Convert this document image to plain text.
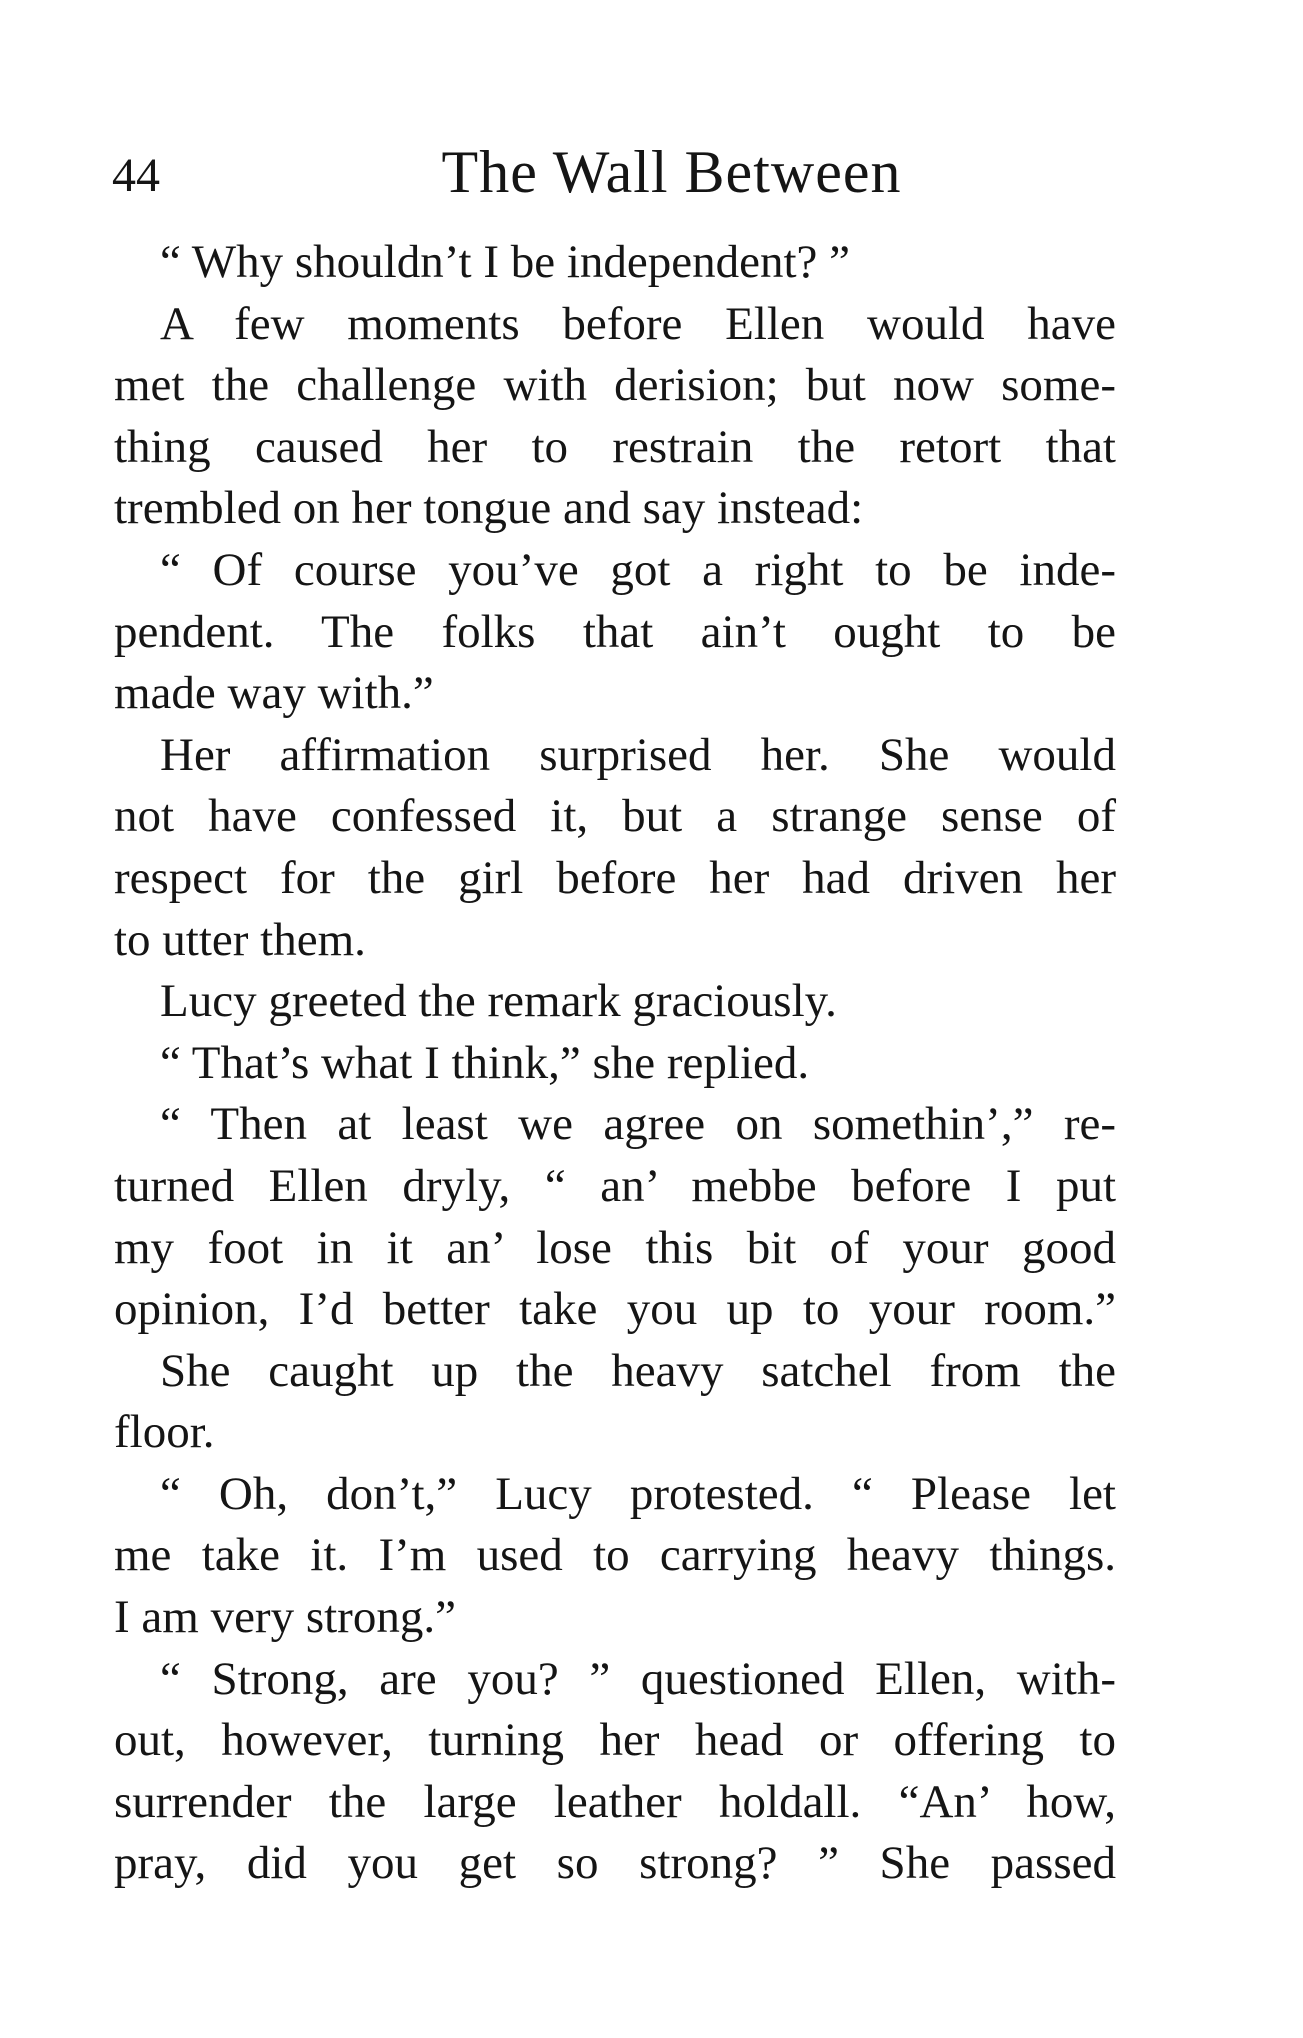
44	The Wall Between
“ Why shouldn’t I be independent? ”
A few moments before Ellen would have
met the challenge with derision; but now some-
thing caused her to restrain the retort that
trembled on her tongue and say instead:
“ Of course you’ve got a right to be inde-
pendent. The folks that ain’t ought to be
made way with.”
Her affirmation surprised her. She would
not have confessed it, but a strange sense of
respect for the girl before her had driven her
to utter them.
Lucy greeted the remark graciously.
“ That’s what I think,” she replied.
“ Then at least we agree on somethin’,” re-
turned Ellen dryly, “ an’ mebbe before I put
my foot in it an’ lose this bit of your good
opinion, I’d better take you up to your room.”
She caught up the heavy satchel from the
floor.
“ Oh, don’t,” Lucy protested. “ Please let
me take it. I’m used to carrying heavy things.
I am very strong.”
“ Strong, are you? ” questioned Ellen, with-
out, however, turning her head or offering to
surrender the large leather holdall. “An’ how,
pray, did you get so strong? ” She passed
